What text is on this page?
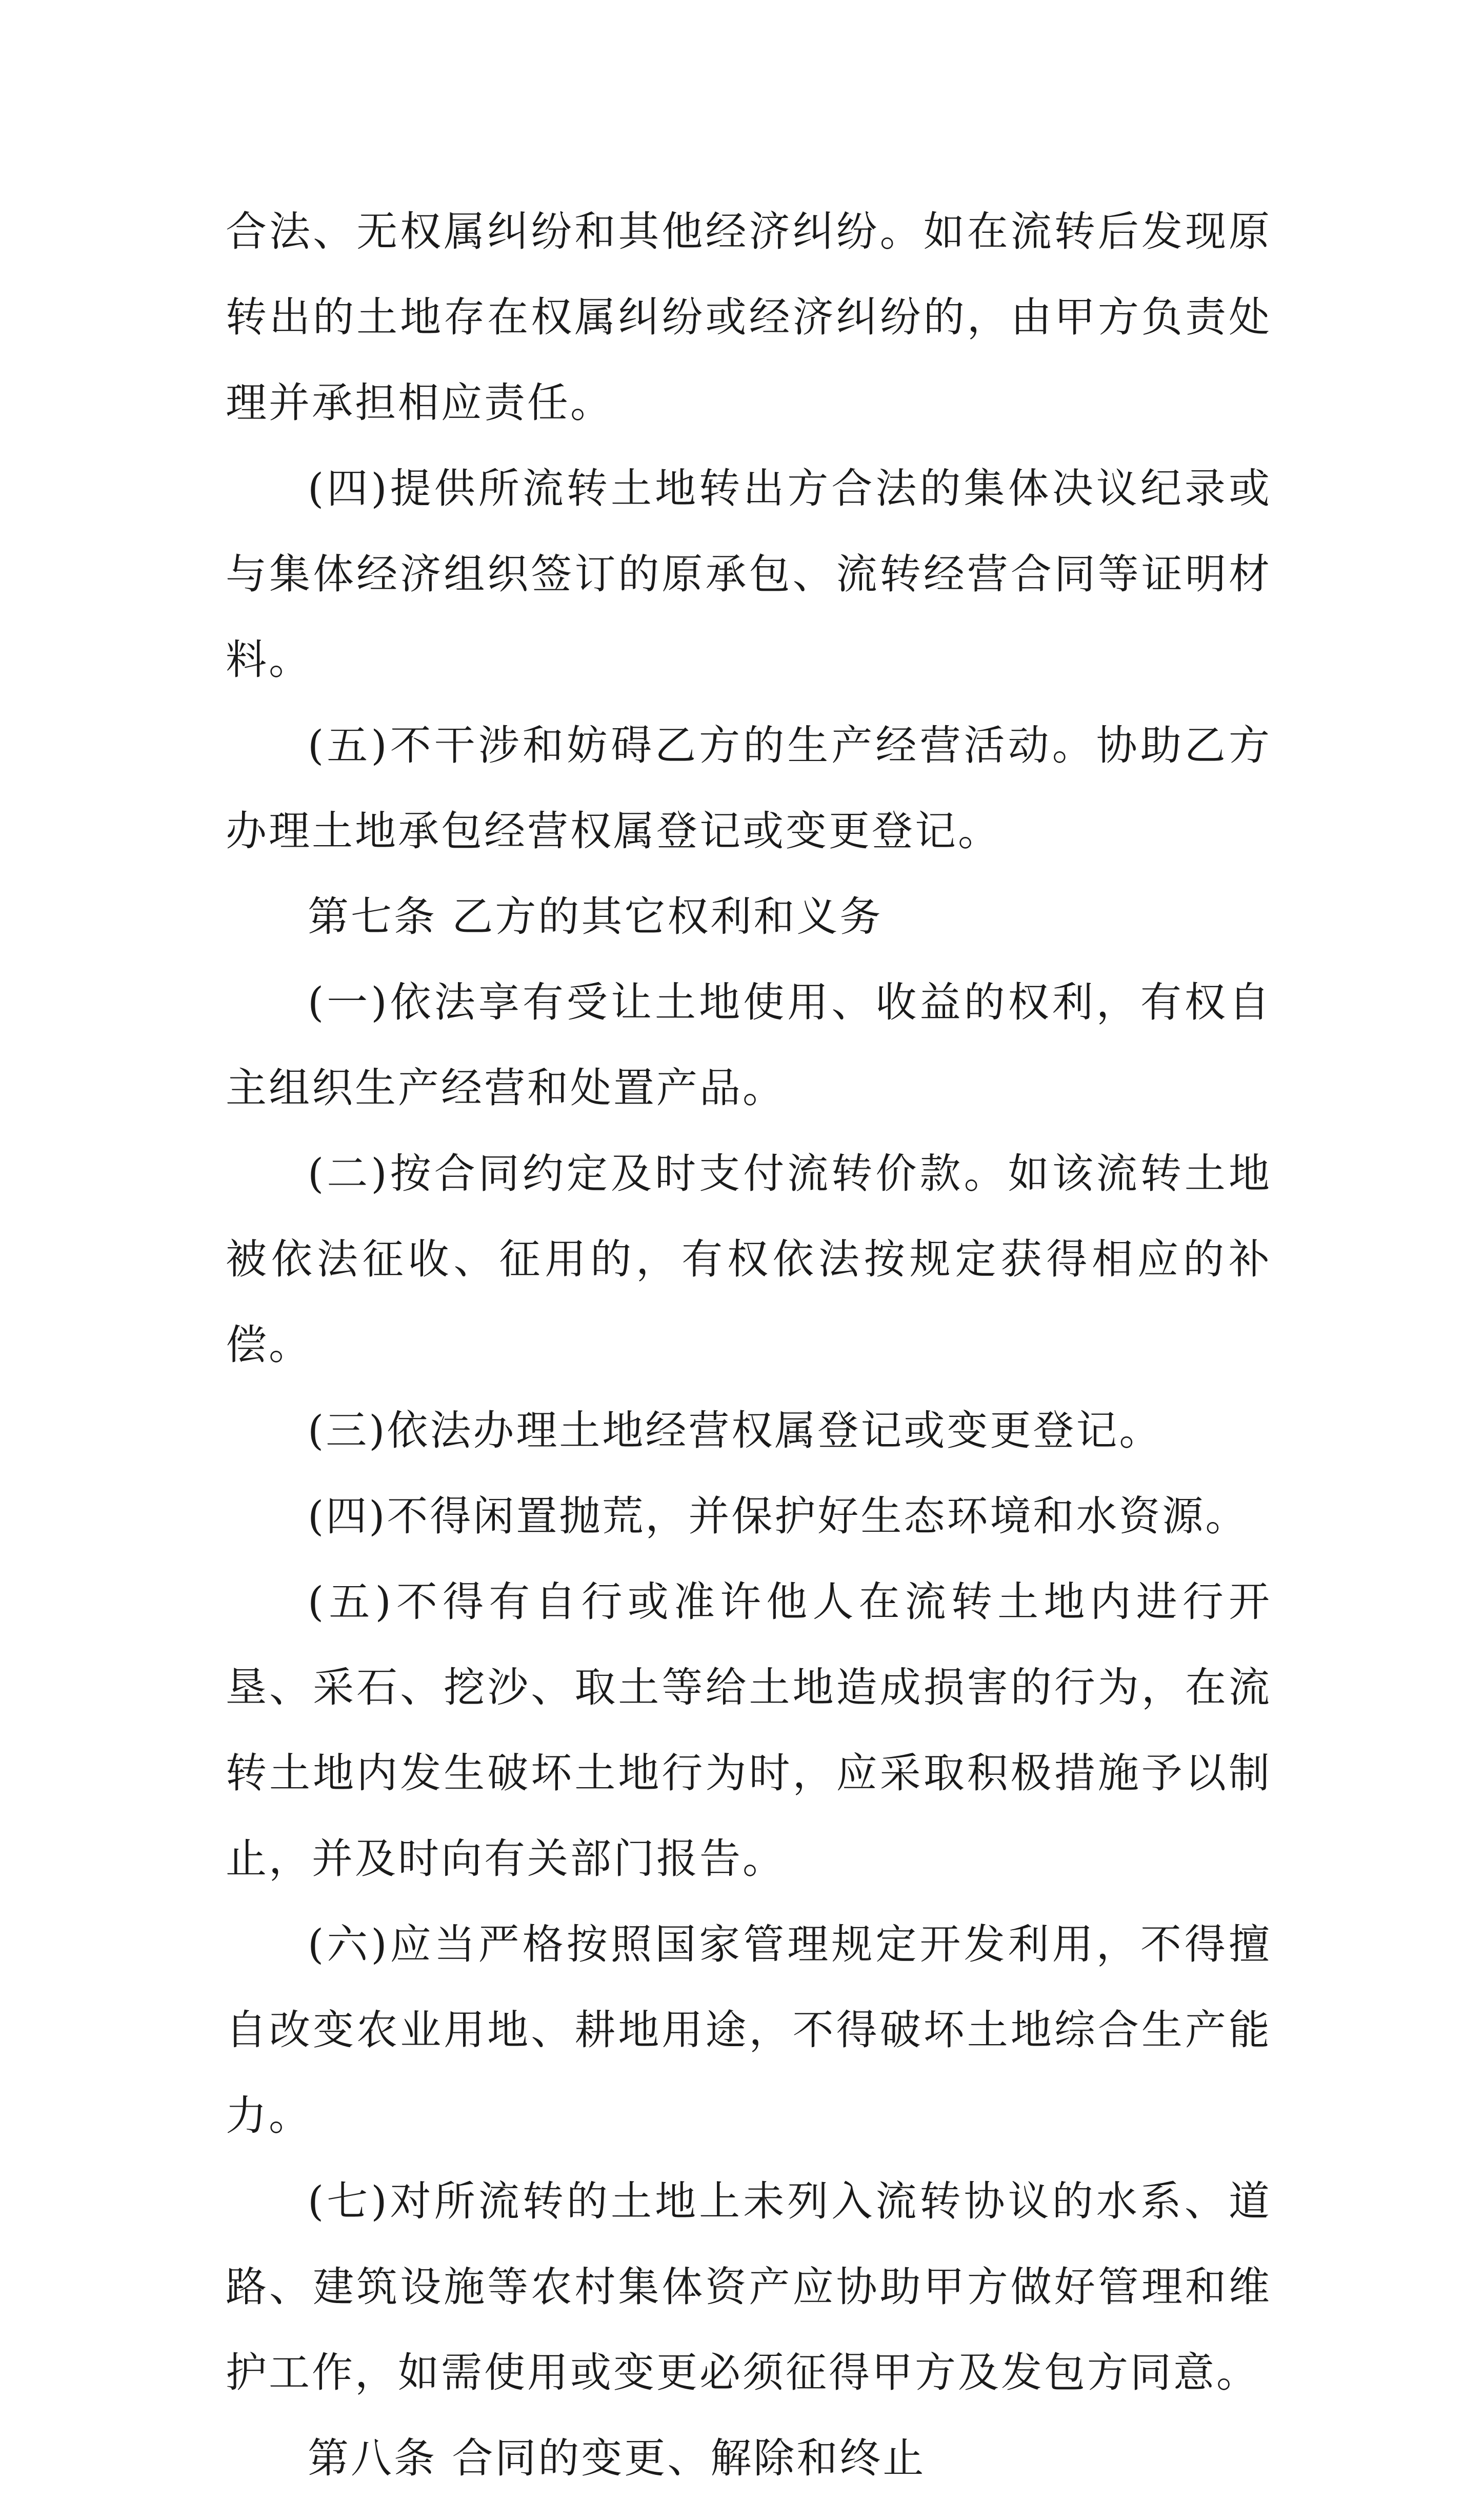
合法、无权属纠纷和其他经济纠纷。如在流转后发现原转出的土地存在权属纠纷或经济纠纷的，由甲方负责处理并承担相应责任。

(四)提供所流转土地转出方合法的集体决议纪录或与集体经济组织签订的原承包、流转经营合同等证明材料。

(五)不干涉和妨碍乙方的生产经营活动。协助乙方办理土地承包经营权属登记或变更登记。

第七条 乙方的其它权利和义务

(一)依法享有受让土地使用、收益的权利，有权自主组织生产经营和处置产品。

(二)按合同约定及时支付流转价款。如该流转土地被依法征收、征用的，有权依法按规定获得相应的补偿。

(三)依法办理土地经营权属登记或变更登记。

(四)不得闲置抛荒，并保护好生态环境和水资源。

(五)不得有自行或准许他人在流转土地内进行开垦、采石、挖沙、取土等给土地造成损害的行为，在流转土地内发生破坏土地行为时，应采取积极措施予以制止，并及时向有关部门报告。

(六)应当严格按照国家管理规定开发利用，不得擅自改变农业用地、耕地用途，不得破坏土地综合生产能力。

(七)对所流转的土地上未列入流转协议的水系、道路、建筑设施等农村集体资产应协助甲方做好管理和维护工作，如需使用或变更必须征得甲方及发包方同意。

第八条 合同的变更、解除和终止
